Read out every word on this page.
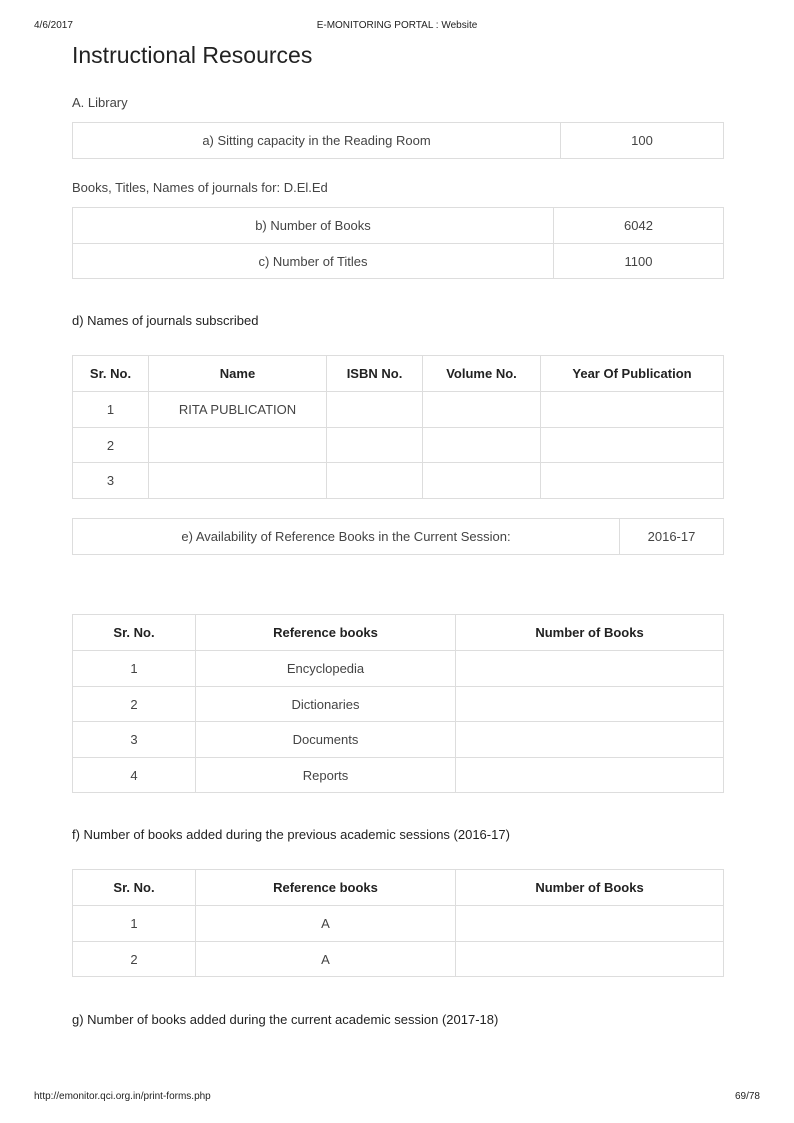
4/6/2017	E-MONITORING PORTAL : Website
Instructional Resources
A. Library
a) Sitting capacity in the Reading Room	100
Books, Titles, Names of journals for: D.El.Ed
b) Number of Books	6042
c) Number of Titles	1100
d) Names of journals subscribed
Sr. No.	Name	ISBN No.	Volume No.	Year Of Publication
1	RITA PUBLICATION			
2				
3				
e) Availability of Reference Books in the Current Session:	2016-17
Sr. No.	Reference books	Number of Books
1	Encyclopedia	
2	Dictionaries	
3	Documents	
4	Reports	
f) Number of books added during the previous academic sessions (2016-17)
Sr. No.	Reference books	Number of Books
1	A	
2	A	
g) Number of books added during the current academic session (2017-18)
http://emonitor.qci.org.in/print-forms.php	69/78
